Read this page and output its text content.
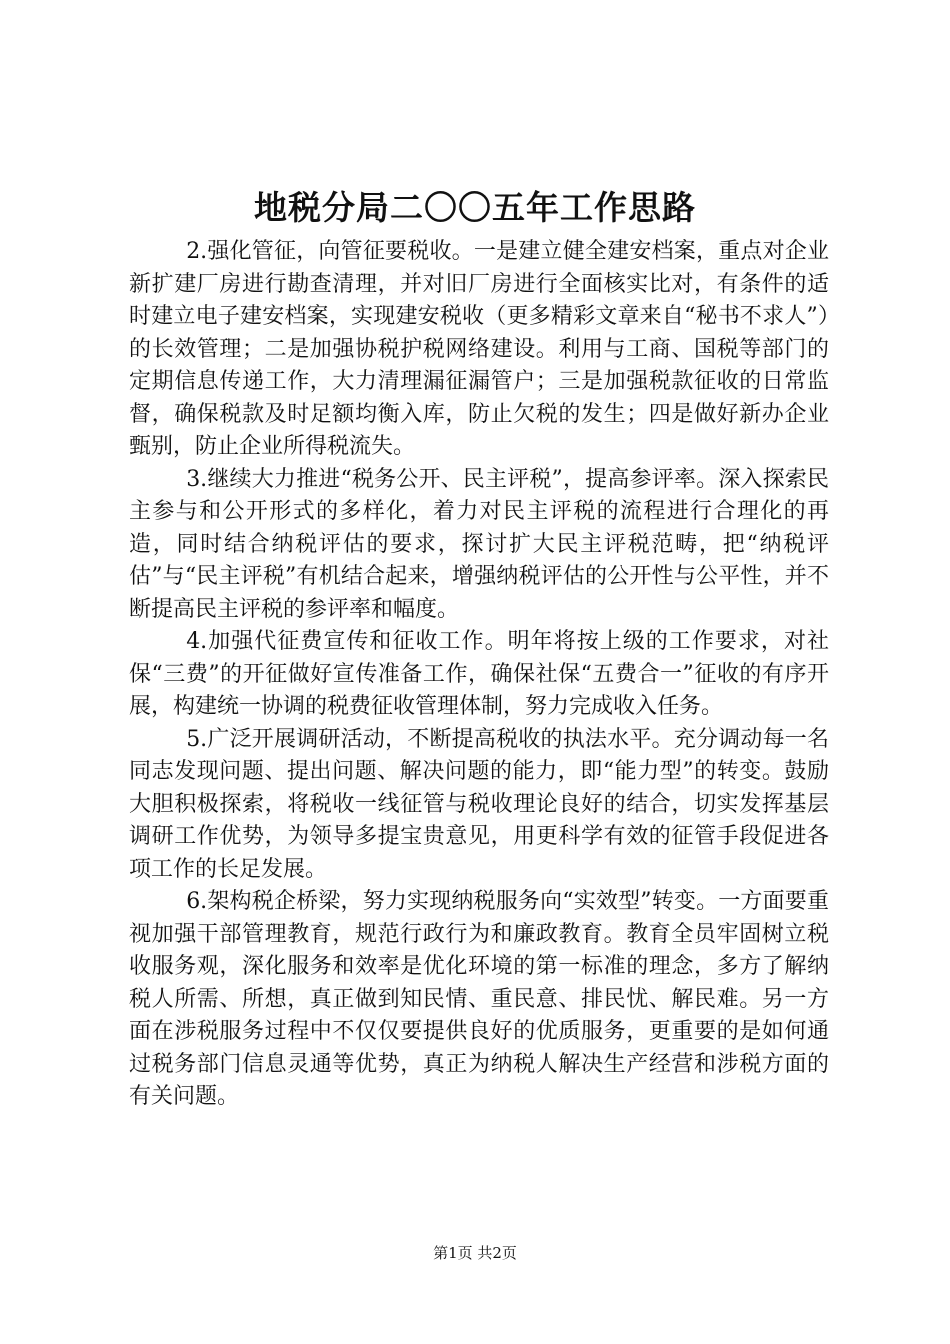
地税分局二〇〇五年工作思路

2.强化管征，向管征要税收。一是建立健全建安档案，重点对企业新扩建厂房进行勘查清理，并对旧厂房进行全面核实比对，有条件的适时建立电子建安档案，实现建安税收（更多精彩文章来自“秘书不求人”）的长效管理；二是加强协税护税网络建设。利用与工商、国税等部门的定期信息传递工作，大力清理漏征漏管户；三是加强税款征收的日常监督，确保税款及时足额均衡入库，防止欠税的发生；四是做好新办企业甄别，防止企业所得税流失。

3.继续大力推进“税务公开、民主评税”，提高参评率。深入探索民主参与和公开形式的多样化，着力对民主评税的流程进行合理化的再造，同时结合纳税评估的要求，探讨扩大民主评税范畴，把“纳税评估”与“民主评税”有机结合起来，增强纳税评估的公开性与公平性，并不断提高民主评税的参评率和幅度。

4.加强代征费宣传和征收工作。明年将按上级的工作要求，对社保“三费”的开征做好宣传准备工作，确保社保“五费合一”征收的有序开展，构建统一协调的税费征收管理体制，努力完成收入任务。

5.广泛开展调研活动，不断提高税收的执法水平。充分调动每一名同志发现问题、提出问题、解决问题的能力，即“能力型”的转变。鼓励大胆积极探索，将税收一线征管与税收理论良好的结合，切实发挥基层调研工作优势，为领导多提宝贵意见，用更科学有效的征管手段促进各项工作的长足发展。

6.架构税企桥梁，努力实现纳税服务向“实效型”转变。一方面要重视加强干部管理教育，规范行政行为和廉政教育。教育全员牢固树立税收服务观，深化服务和效率是优化环境的第一标准的理念，多方了解纳税人所需、所想，真正做到知民情、重民意、排民忧、解民难。另一方面在涉税服务过程中不仅仅要提供良好的优质服务，更重要的是如何通过税务部门信息灵通等优势，真正为纳税人解决生产经营和涉税方面的有关问题。

第1页 共2页
